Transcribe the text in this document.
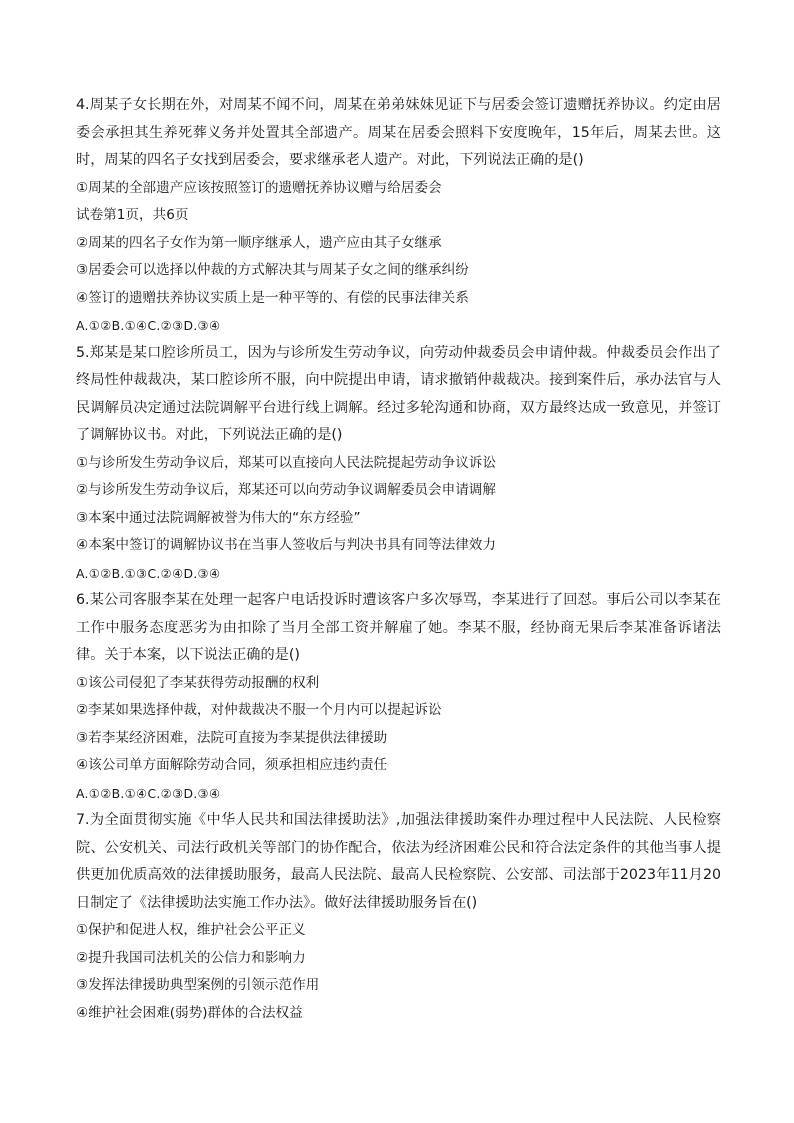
4.周某子女长期在外，对周某不闻不问，周某在弟弟妹妹见证下与居委会签订遗赠抚养协议。约定由居委会承担其生养死葬义务并处置其全部遗产。周某在居委会照料下安度晚年，15年后，周某去世。这时，周某的四名子女找到居委会，要求继承老人遗产。对此，下列说法正确的是()

①周某的全部遗产应该按照签订的遗赠抚养协议赠与给居委会

试卷第1页，共6页

②周某的四名子女作为第一顺序继承人，遗产应由其子女继承

③居委会可以选择以仲裁的方式解决其与周某子女之间的继承纠纷

④签订的遗赠扶养协议实质上是一种平等的、有偿的民事法律关系

A.①②B.①④C.②③D.③④

5.郑某是某口腔诊所员工，因为与诊所发生劳动争议，向劳动仲裁委员会申请仲裁。仲裁委员会作出了终局性仲裁裁决，某口腔诊所不服，向中院提出申请，请求撤销仲裁裁决。接到案件后，承办法官与人民调解员决定通过法院调解平台进行线上调解。经过多轮沟通和协商，双方最终达成一致意见，并签订了调解协议书。对此，下列说法正确的是()

①与诊所发生劳动争议后，郑某可以直接向人民法院提起劳动争议诉讼

②与诊所发生劳动争议后，郑某还可以向劳动争议调解委员会申请调解

③本案中通过法院调解被誉为伟大的“东方经验”

④本案中签订的调解协议书在当事人签收后与判决书具有同等法律效力

A.①②B.①③C.②④D.③④

6.某公司客服李某在处理一起客户电话投诉时遭该客户多次辱骂，李某进行了回怼。事后公司以李某在工作中服务态度恶劣为由扣除了当月全部工资并解雇了她。李某不服，经协商无果后李某准备诉诸法律。关于本案，以下说法正确的是()

①该公司侵犯了李某获得劳动报酬的权利

②李某如果选择仲裁，对仲裁裁决不服一个月内可以提起诉讼

③若李某经济困难，法院可直接为李某提供法律援助

④该公司单方面解除劳动合同，须承担相应违约责任

A.①②B.①④C.②③D.③④

7.为全面贯彻实施《中华人民共和国法律援助法》,加强法律援助案件办理过程中人民法院、人民检察院、公安机关、司法行政机关等部门的协作配合，依法为经济困难公民和符合法定条件的其他当事人提供更加优质高效的法律援助服务，最高人民法院、最高人民检察院、公安部、司法部于2023年11月20日制定了《法律援助法实施工作办法》。做好法律援助服务旨在()

①保护和促进人权，维护社会公平正义

②提升我国司法机关的公信力和影响力

③发挥法律援助典型案例的引领示范作用

④维护社会困难(弱势)群体的合法权益
